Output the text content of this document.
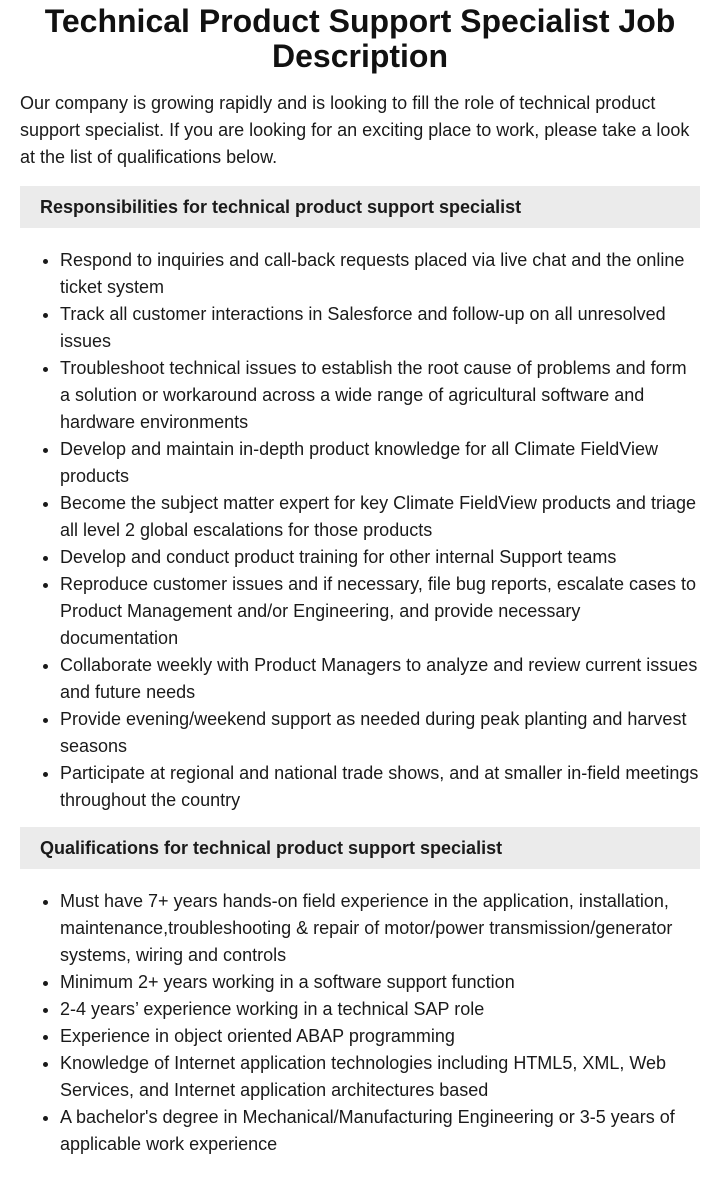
Technical Product Support Specialist Job Description

Our company is growing rapidly and is looking to fill the role of technical product support specialist. If you are looking for an exciting place to work, please take a look at the list of qualifications below.

Responsibilities for technical product support specialist
• Respond to inquiries and call-back requests placed via live chat and the online ticket system
• Track all customer interactions in Salesforce and follow-up on all unresolved issues
• Troubleshoot technical issues to establish the root cause of problems and form a solution or workaround across a wide range of agricultural software and hardware environments
• Develop and maintain in-depth product knowledge for all Climate FieldView products
• Become the subject matter expert for key Climate FieldView products and triage all level 2 global escalations for those products
• Develop and conduct product training for other internal Support teams
• Reproduce customer issues and if necessary, file bug reports, escalate cases to Product Management and/or Engineering, and provide necessary documentation
• Collaborate weekly with Product Managers to analyze and review current issues and future needs
• Provide evening/weekend support as needed during peak planting and harvest seasons
• Participate at regional and national trade shows, and at smaller in-field meetings throughout the country
Qualifications for technical product support specialist
• Must have 7+ years hands-on field experience in the application, installation, maintenance,troubleshooting & repair of motor/power transmission/generator systems, wiring and controls
• Minimum 2+ years working in a software support function
• 2-4 years’ experience working in a technical SAP role
• Experience in object oriented ABAP programming
• Knowledge of Internet application technologies including HTML5, XML, Web Services, and Internet application architectures based
• A bachelor's degree in Mechanical/Manufacturing Engineering or 3-5 years of applicable work experience
